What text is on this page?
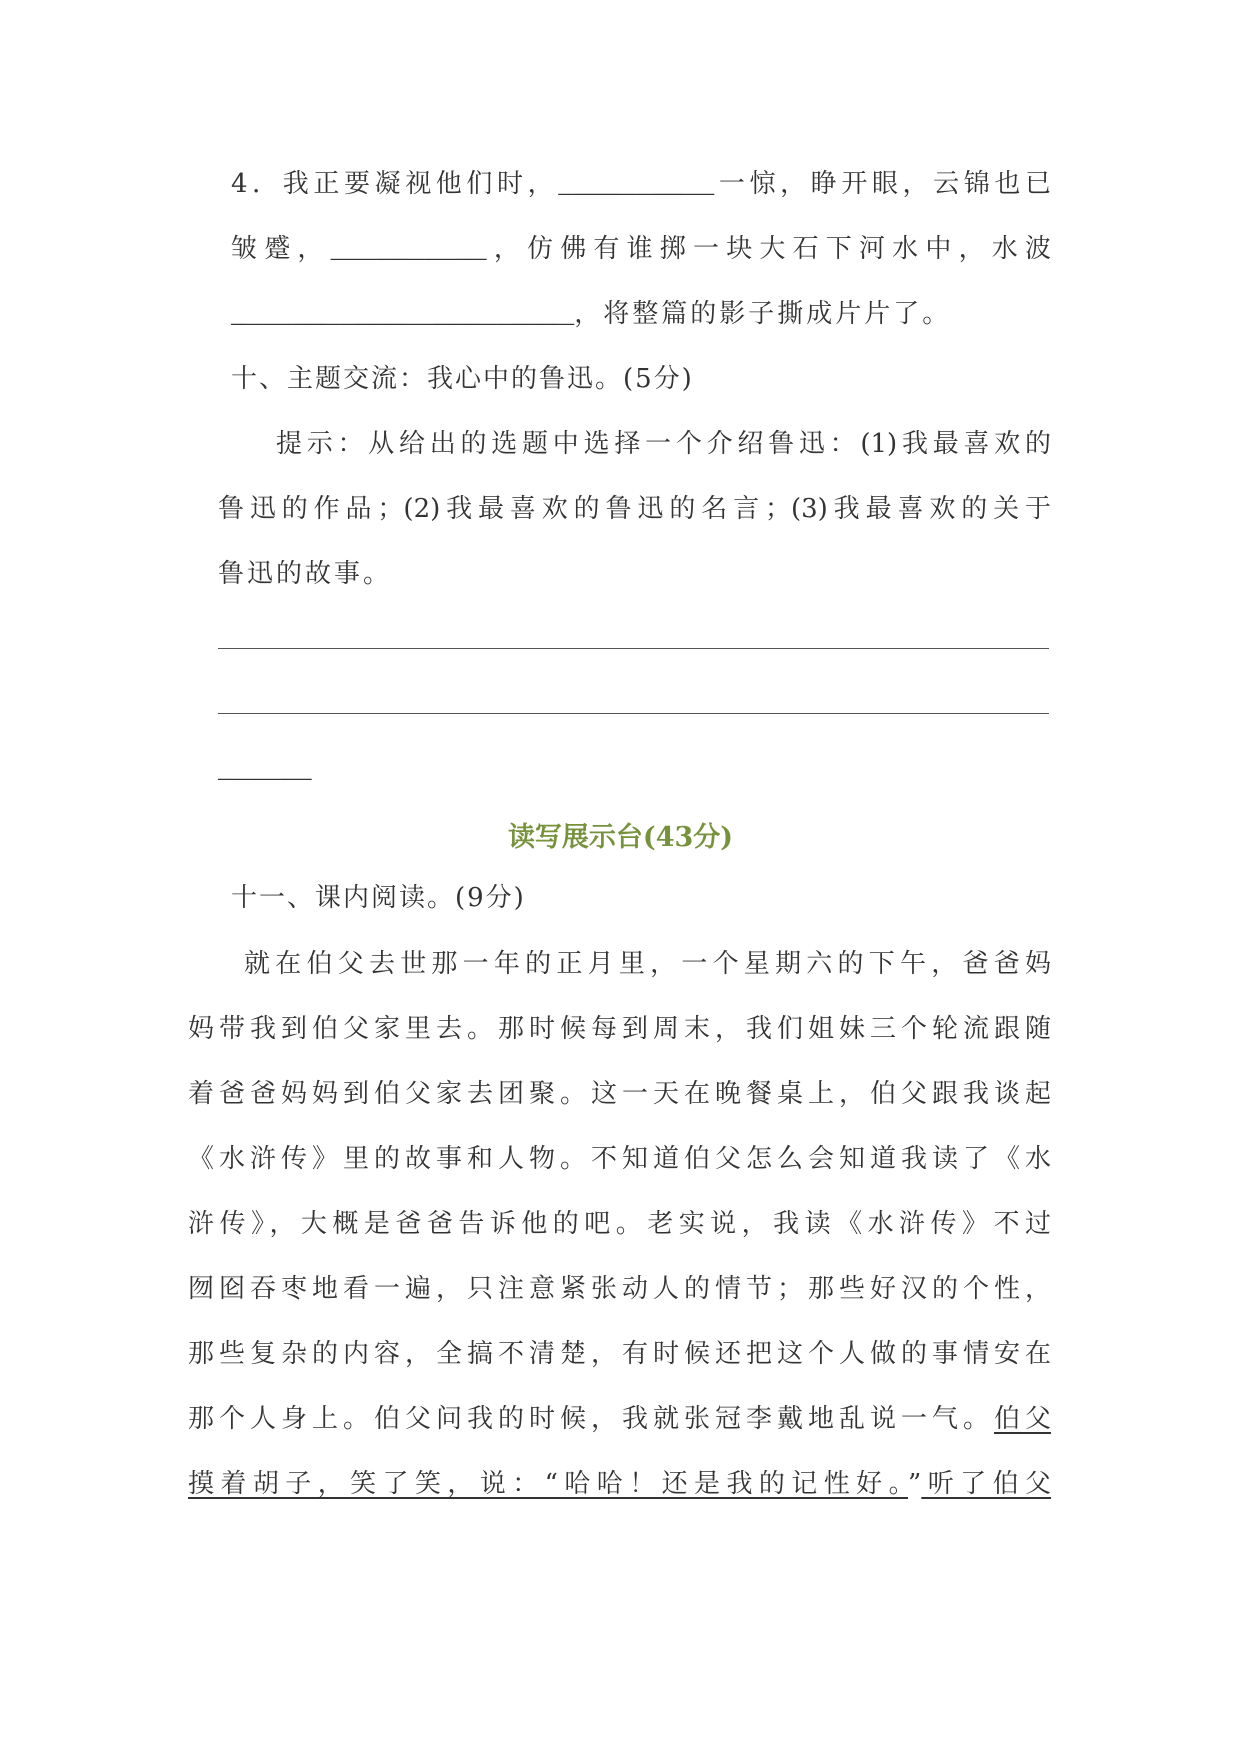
4．我正要凝视他们时，__________一惊，睁开眼，云锦也已
皱蹙，__________，仿佛有谁掷一块大石下河水中，水波
______________________，将整篇的影子撕成片片了。
十、主题交流：我心中的鲁迅。(5分)
提示：从给出的选题中选择一个介绍鲁迅：(1)我最喜欢的
鲁迅的作品；(2)我最喜欢的鲁迅的名言；(3)我最喜欢的关于
鲁迅的故事。
______
读写展示台(43分)
十一、课内阅读。(9分)
就在伯父去世那一年的正月里，一个星期六的下午，爸爸妈
妈带我到伯父家里去。那时候每到周末，我们姐妹三个轮流跟随
着爸爸妈妈到伯父家去团聚。这一天在晚餐桌上，伯父跟我谈起
《水浒传》里的故事和人物。不知道伯父怎么会知道我读了《水
浒传》，大概是爸爸告诉他的吧。老实说，我读《水浒传》不过
囫囵吞枣地看一遍，只注意紧张动人的情节；那些好汉的个性，
那些复杂的内容，全搞不清楚，有时候还把这个人做的事情安在
那个人身上。伯父问我的时候，我就张冠李戴地乱说一气。伯父
摸着胡子，笑了笑，说：“哈哈！还是我的记性好。”听了伯父
